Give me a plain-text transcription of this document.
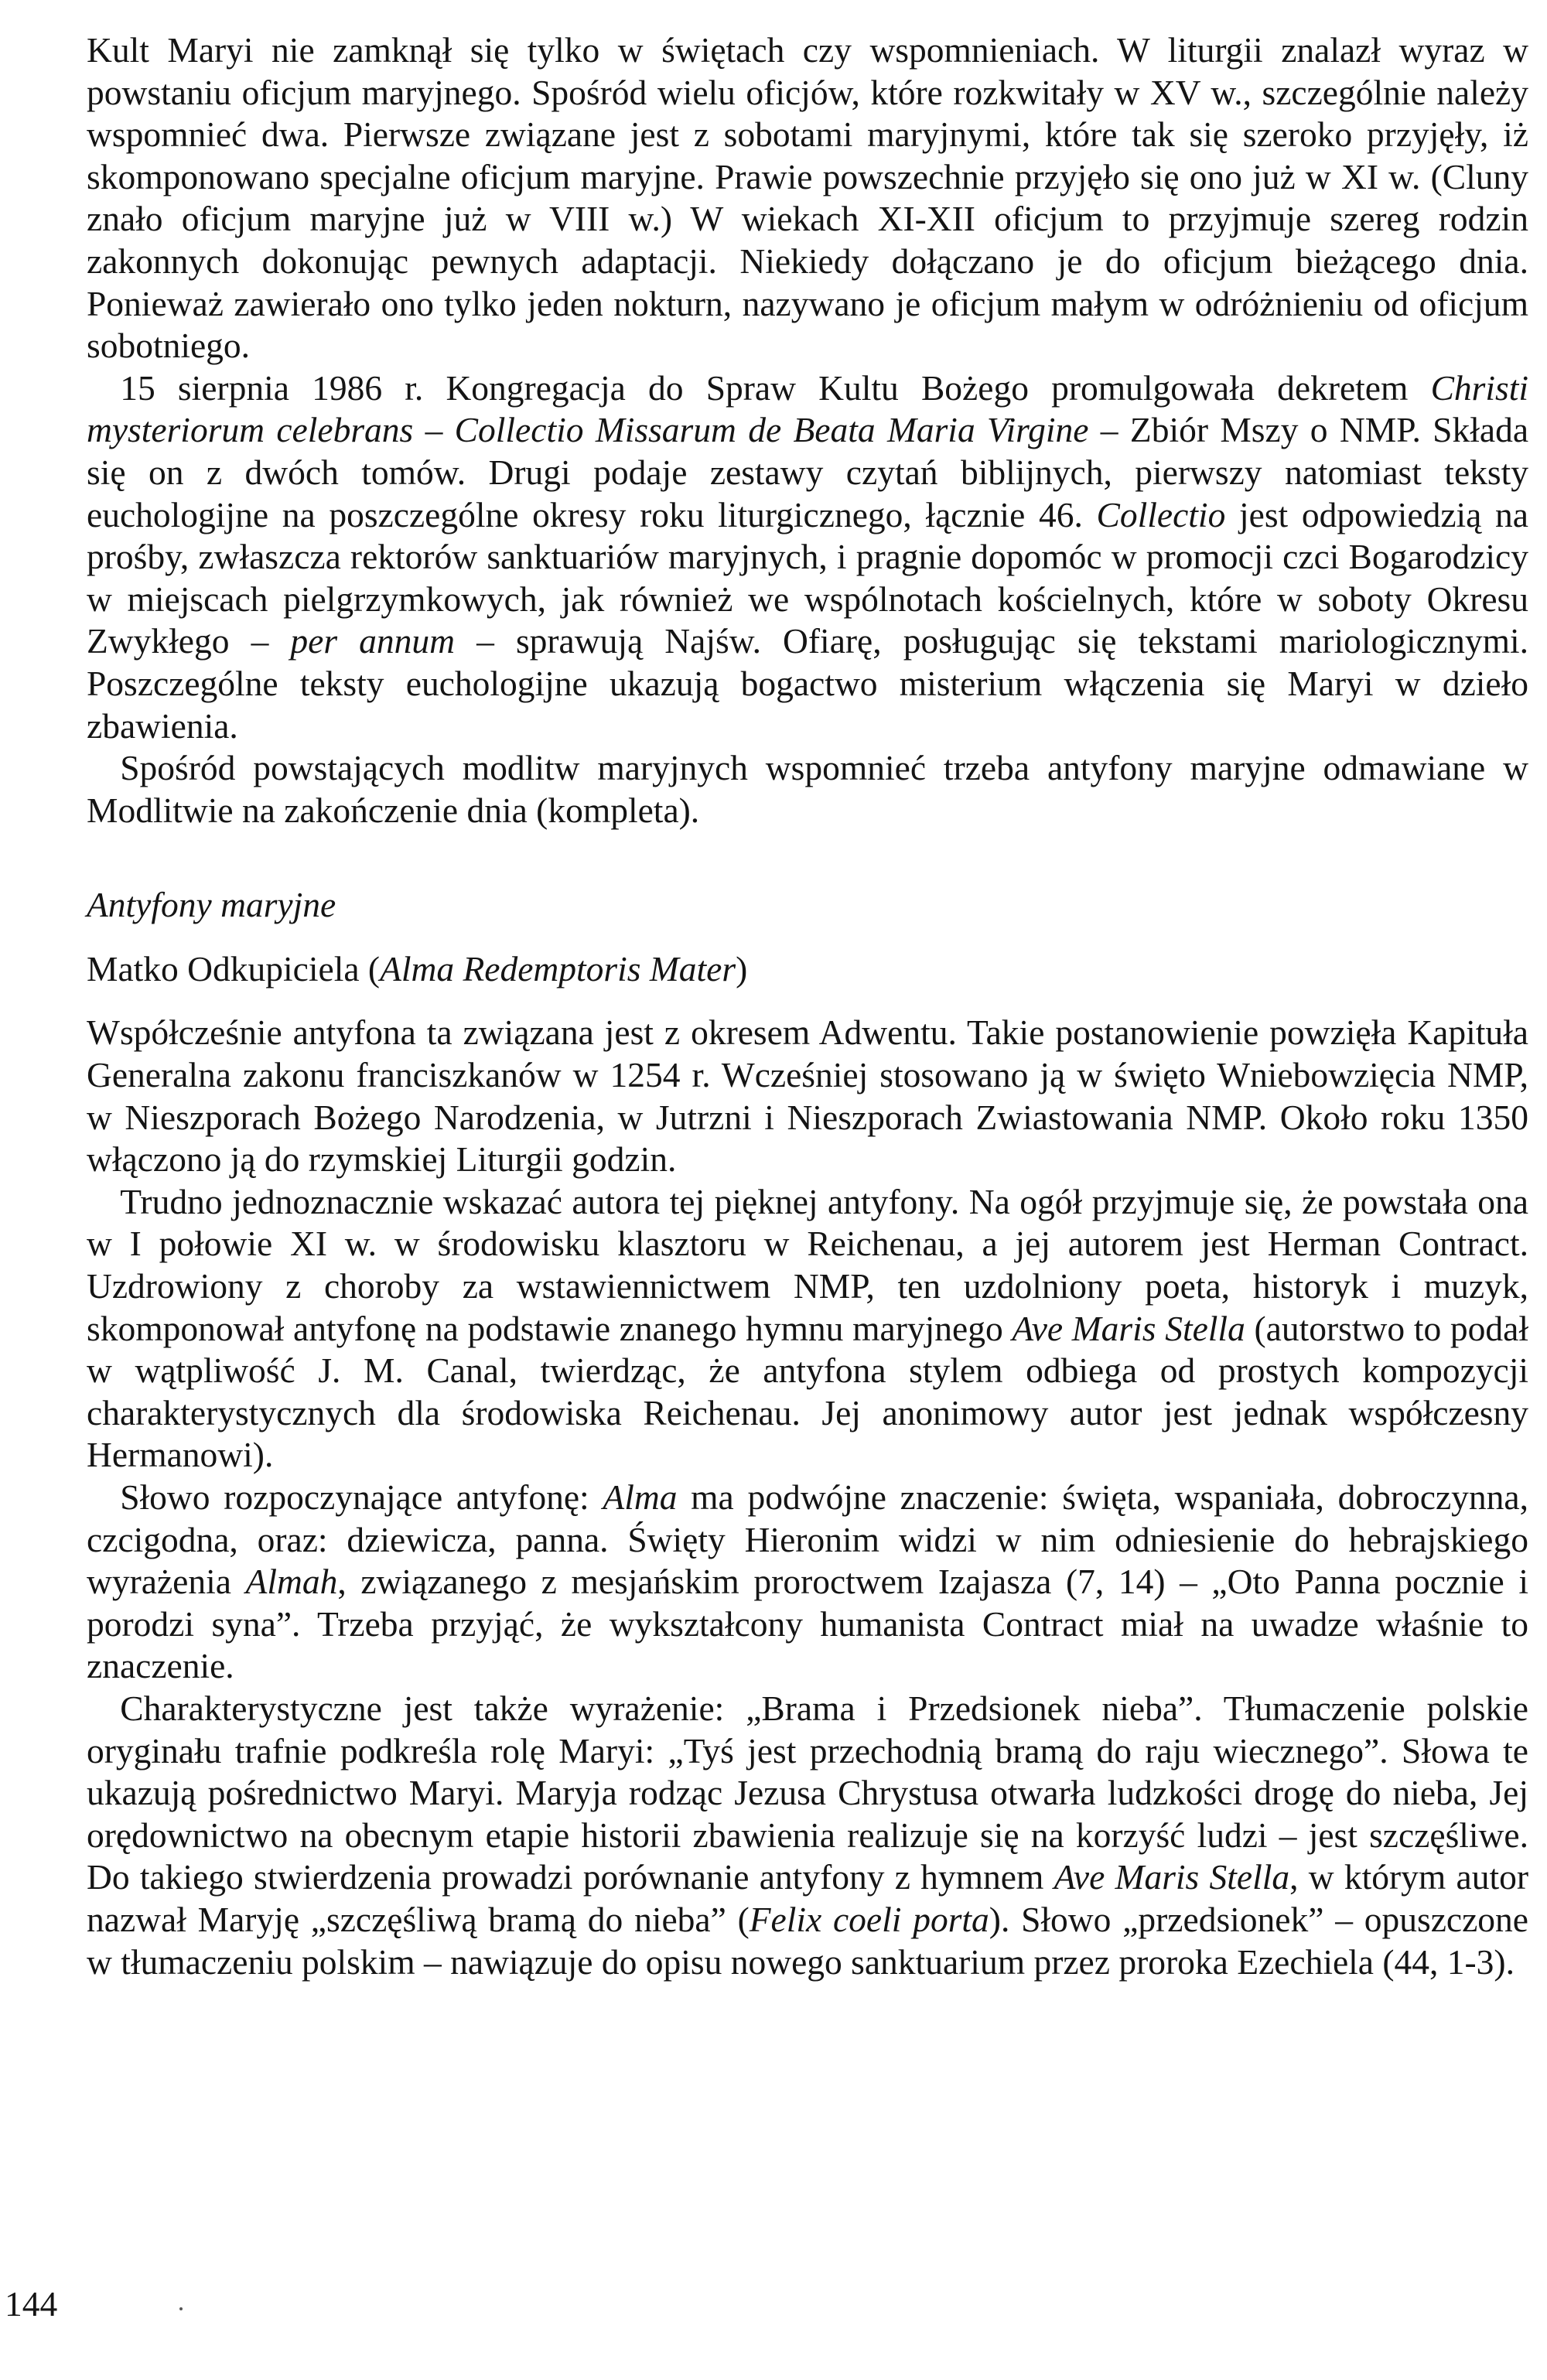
Kult Maryi nie zamknął się tylko w świętach czy wspomnieniach. W liturgii znalazł wyraz w powstaniu oficjum maryjnego. Spośród wielu oficjów, które rozkwitały w XV w., szczególnie należy wspomnieć dwa. Pierwsze związane jest z sobotami maryjnymi, które tak się szeroko przyjęły, iż skomponowano specjalne oficjum maryjne. Prawie powszechnie przyjęło się ono już w XI w. (Cluny znało oficjum maryjne już w VIII w.) W wiekach XI-XII oficjum to przyjmuje szereg rodzin zakonnych dokonując pewnych adaptacji. Niekiedy dołączano je do oficjum bieżącego dnia. Ponieważ zawierało ono tylko jeden nokturn, nazywano je oficjum małym w odróżnieniu od oficjum sobotniego.

15 sierpnia 1986 r. Kongregacja do Spraw Kultu Bożego promulgowała dekretem Christi mysteriorum celebrans – Collectio Missarum de Beata Maria Virgine – Zbiór Mszy o NMP. Składa się on z dwóch tomów. Drugi podaje zestawy czytań biblijnych, pierwszy natomiast teksty euchologijne na poszczególne okresy roku liturgicznego, łącznie 46. Collectio jest odpowiedzią na prośby, zwłaszcza rektorów sanktuariów maryjnych, i pragnie dopomóc w promocji czci Bogarodzicy w miejscach pielgrzymkowych, jak również we wspólnotach kościelnych, które w soboty Okresu Zwykłego – per annum – sprawują Najśw. Ofiarę, posługując się tekstami mariologicznymi. Poszczególne teksty euchologijne ukazują bogactwo misterium włączenia się Maryi w dzieło zbawienia.

Spośród powstających modlitw maryjnych wspomnieć trzeba antyfony maryjne odmawiane w Modlitwie na zakończenie dnia (kompleta).

Antyfony maryjne

Matko Odkupiciela (Alma Redemptoris Mater)

Współcześnie antyfona ta związana jest z okresem Adwentu. Takie postanowienie powzięła Kapituła Generalna zakonu franciszkanów w 1254 r. Wcześniej stosowano ją w święto Wniebowzięcia NMP, w Nieszporach Bożego Narodzenia, w Jutrzni i Nieszporach Zwiastowania NMP. Około roku 1350 włączono ją do rzymskiej Liturgii godzin.

Trudno jednoznacznie wskazać autora tej pięknej antyfony. Na ogół przyjmuje się, że powstała ona w I połowie XI w. w środowisku klasztoru w Reichenau, a jej autorem jest Herman Contract. Uzdrowiony z choroby za wstawiennictwem NMP, ten uzdolniony poeta, historyk i muzyk, skomponował antyfonę na podstawie znanego hymnu maryjnego Ave Maris Stella (autorstwo to podał w wątpliwość J. M. Canal, twierdząc, że antyfona stylem odbiega od prostych kompozycji charakterystycznych dla środowiska Reichenau. Jej anonimowy autor jest jednak współczesny Hermanowi).

Słowo rozpoczynające antyfonę: Alma ma podwójne znaczenie: święta, wspaniała, dobroczynna, czcigodna, oraz: dziewicza, panna. Święty Hieronim widzi w nim odniesienie do hebrajskiego wyrażenia Almah, związanego z mesjańskim proroctwem Izajasza (7, 14) – „Oto Panna pocznie i porodzi syna”. Trzeba przyjąć, że wykształcony humanista Contract miał na uwadze właśnie to znaczenie.

Charakterystyczne jest także wyrażenie: „Brama i Przedsionek nieba”. Tłumaczenie polskie oryginału trafnie podkreśla rolę Maryi: „Tyś jest przechodnią bramą do raju wiecznego”. Słowa te ukazują pośrednictwo Maryi. Maryja rodząc Jezusa Chrystusa otwarła ludzkości drogę do nieba, Jej orędownictwo na obecnym etapie historii zbawienia realizuje się na korzyść ludzi – jest szczęśliwe. Do takiego stwierdzenia prowadzi porównanie antyfony z hymnem Ave Maris Stella, w którym autor nazwał Maryję „szczęśliwą bramą do nieba” (Felix coeli porta). Słowo „przedsionek” – opuszczone w tłumaczeniu polskim – nawiązuje do opisu nowego sanktuarium przez proroka Ezechiela (44, 1-3).

144
